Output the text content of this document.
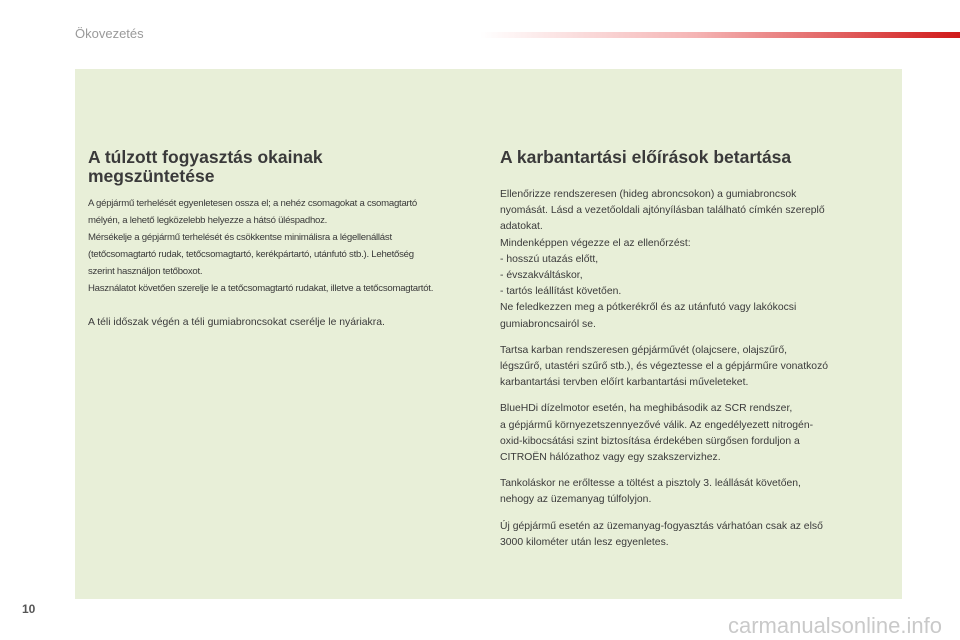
Ökovezetés
A túlzott fogyasztás okainak
megszüntetése

A gépjármű terhelését egyenletesen ossza el; a nehéz csomagokat a csomagtartó
mélyén, a lehető legközelebb helyezze a hátsó üléspadhoz.
Mérsékelje a gépjármű terhelését és csökkentse minimálisra a légellenállást
(tetőcsomagtartó rudak, tetőcsomagtartó, kerékpártartó, utánfutó stb.). Lehetőség
szerint használjon tetőboxot.
Használatot követően szerelje le a tetőcsomagtartó rudakat, illetve a tetőcsomagtartót.

A téli időszak végén a téli gumiabroncsokat cserélje le nyáriakra.

A karbantartási előírások betartása

Ellenőrizze rendszeresen (hideg abroncsokon) a gumiabroncsok
nyomását. Lásd a vezetőoldali ajtónyílásban található címkén szereplő
adatokat.
Mindenképpen végezze el az ellenőrzést:
- hosszú utazás előtt,
- évszakváltáskor,
- tartós leállítást követően.
Ne feledkezzen meg a pótkerékről és az utánfutó vagy lakókocsi
gumiabroncsairól se.

Tartsa karban rendszeresen gépjárművét (olajcsere, olajszűrő,
légszűrő, utastéri szűrő stb.), és végeztesse el a gépjárműre vonatkozó
karbantartási tervben előírt karbantartási műveleteket.

BlueHDi dízelmotor esetén, ha meghibásodik az SCR rendszer,
a gépjármű környezetszennyezővé válik. Az engedélyezett nitrogén-
oxid-kibocsátási szint biztosítása érdekében sürgősen forduljon a
CITROËN hálózathoz vagy egy szakszervizhez.

Tankoláskor ne erőltesse a töltést a pisztoly 3. leállását követően,
nehogy az üzemanyag túlfolyjon.

Új gépjármű esetén az üzemanyag-fogyasztás várhatóan csak az első
3000 kilométer után lesz egyenletes.

10
carmanualsonline.info
